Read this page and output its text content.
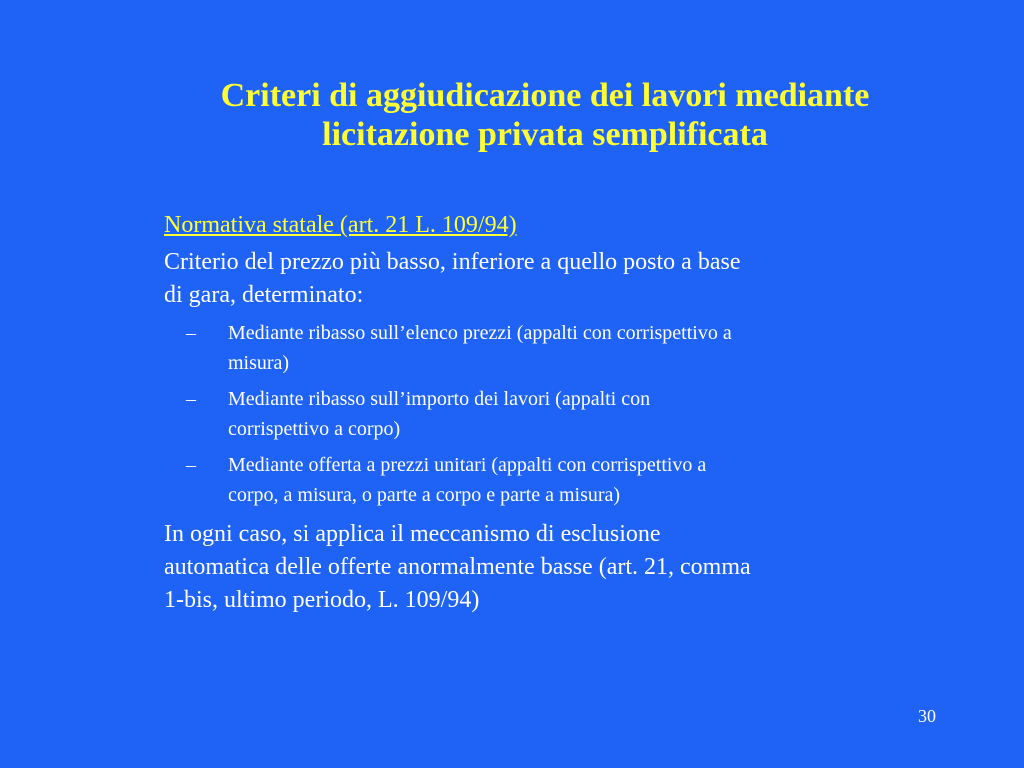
Criteri di aggiudicazione dei lavori mediante
licitazione privata semplificata
Normativa statale (art. 21 L. 109/94)

Criterio del prezzo più basso, inferiore a quello posto a base
di gara, determinato:

– Mediante ribasso sull’elenco prezzi (appalti con corrispettivo a
misura)
– Mediante ribasso sull’importo dei lavori (appalti con
corrispettivo a corpo)
– Mediante offerta a prezzi unitari (appalti con corrispettivo a
corpo, a misura, o parte a corpo e parte a misura)

In ogni caso, si applica il meccanismo di esclusione
automatica delle offerte anormalmente basse (art. 21, comma
1-bis, ultimo periodo, L. 109/94)

30
